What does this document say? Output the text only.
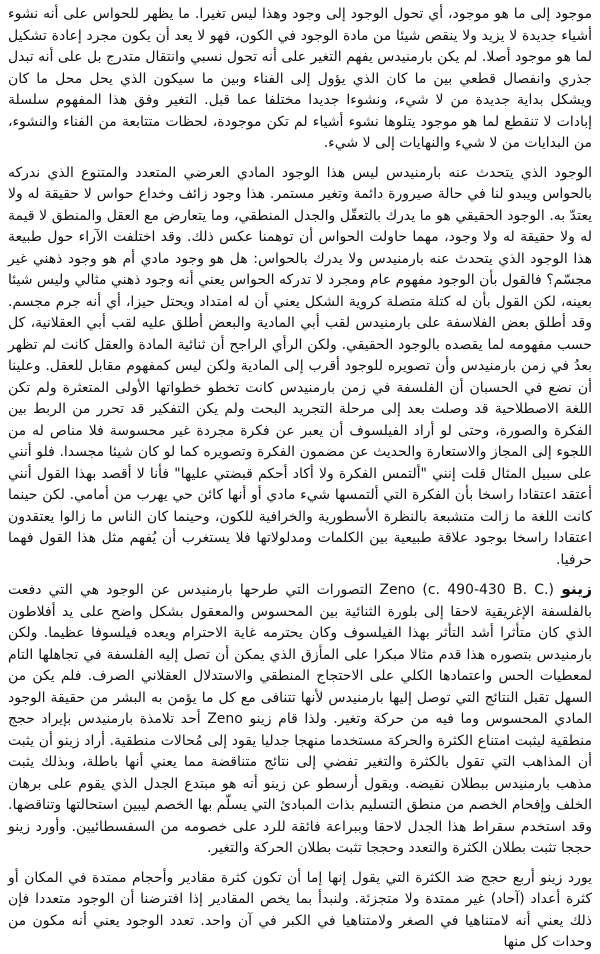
موجود إلى ما هو موجود، أي تحول الوجود إلى وجود وهذا ليس تغيرا. ما يظهر للحواس على أنه نشوء أشياء جديدة لا يزيد ولا ينقص شيئا من مادة الوجود في الكون، فهو لا يعد أن يكون مجرد إعادة تشكيل لما هو موجود أصلا. لم يكن بارمنيدس يفهم التغير على أنه تحول نسبي وانتقال متدرج بل على أنه تبدل جذري وانفصال قطعي بين ما كان الذي يؤول إلى الفناء وبين ما سيكون الذي يحل محل ما كان ويشكل بداية جديدة من لا شيء، ونشوءا جديدا مختلفا عما قبل. التغير وفق هذا المفهوم سلسلة إبادات لا تنقطع لما هو موجود يتلوها نشوء أشياء لم تكن موجودة، لحظات متتابعة من الفناء والنشوء، من البدايات من لا شيء والنهايات إلى لا شيء.

الوجود الذي يتحدث عنه بارمنيدس ليس هذا الوجود المادي العرضي المتعدد والمتنوع الذي ندركه بالحواس ويبدو لنا في حالة صيرورة دائمة وتغير مستمر. هذا وجود زائف وخداع حواس لا حقيقة له ولا يعتدّ به. الوجود الحقيقي هو ما يدرك بالتعقّل والجدل المنطقي، وما يتعارض مع العقل والمنطق لا قيمة له ولا حقيقة له ولا وجود، مهما حاولت الحواس أن توهمنا عكس ذلك. وقد اختلفت الآراء حول طبيعة هذا الوجود الذي يتحدث عنه بارمنيدس ولا يدرك بالحواس: هل هو وجود مادي أم هو وجود ذهني غير مجسّم؟ فالقول بأن الوجود مفهوم عام ومجرد لا تدركه الحواس يعني أنه وجود ذهني مثالي وليس شيئا بعينه، لكن القول بأن له كتلة متصلة كروية الشكل يعني أن له امتداد ويحتل حيزا، أي أنه جرم مجسم. وقد أطلق بعض الفلاسفة على بارمنيدس لقب أبي المادية والبعض أطلق عليه لقب أبي العقلانية، كل حسب مفهومه لما يقصده بالوجود الحقيقي. ولكن الرأي الراجح أن ثنائية المادة والعقل كانت لم تظهر بعدُ في زمن بارمنيدس وأن تصويره للوجود أقرب إلى المادية ولكن ليس كمفهوم مقابل للعقل. وعلينا أن نضع في الحسبان أن الفلسفة في زمن بارمنيدس كانت تخطو خطواتها الأولى المتعثرة ولم تكن اللغة الاصطلاحية قد وصلت بعد إلى مرحلة التجريد البحت ولم يكن التفكير قد تحرر من الربط بين الفكرة والصورة، وحتى لو أراد الفيلسوف أن يعبر عن فكرة مجردة غير محسوسة فلا مناص له من اللجوء إلى المجاز والاستعارة والحديث عن مضمون الفكرة وتصويره كما لو كان شيئا مجسدا. فلو أنني على سبيل المثال قلت إنني "ألتمس الفكرة ولا أكاد أحكم قبضتي عليها" فأنا لا أقصد بهذا القول أنني أعتقد اعتقادا راسخا بأن الفكرة التي ألتمسها شيء مادي أو أنها كائن حي يهرب من أمامي. لكن حينما كانت اللغة ما زالت متشبعة بالنظرة الأسطورية والخرافية للكون، وحينما كان الناس ما زالوا يعتقدون اعتقادا راسخا بوجود علاقة طبيعية بين الكلمات ومدلولاتها فلا يستغرب أن يُفهم مثل هذا القول فهما حرفيا.

زينو Zeno (c. 490-430 B. C.) التصورات التي طرحها بارمنيدس عن الوجود هي التي دفعت بالفلسفة الإغريقية لاحقا إلى بلورة الثنائية بين المحسوس والمعقول بشكل واضح على يد أفلاطون الذي كان متأثرا أشد التأثر بهذا الفيلسوف وكان يحترمه غاية الاحترام ويعده فيلسوفا عظيما. ولكن بارمنيدس بتصوره هذا قدم مثالا مبكرا على المأزق الذي يمكن أن تصل إليه الفلسفة في تجاهلها التام لمعطيات الحس واعتمادها الكلي على الاحتجاج المنطقي والاستدلال العقلاني الصرف. فلم يكن من السهل تقبل النتائج التي توصل إليها بارمنيدس لأنها تتنافى مع كل ما يؤمن به البشر من حقيقة الوجود المادي المحسوس وما فيه من حركة وتغير. ولذا قام زينو Zeno أحد تلامذة بارمنيدس بإيراد حجج منطقية ليثبت امتناع الكثرة والحركة مستخدما منهجا جدليا يقود إلى مُحالات منطقية. أراد زينو أن يثبت أن المذاهب التي تقول بالكثرة والتغير تفضي إلى نتائج متناقضة مما يعني أنها باطلة، وبذلك يثبت مذهب بارمنيدس ببطلان نقيضه. ويقول أرسطو عن زينو أنه هو مبتدع الجدل الذي يقوم على برهان الخلف وإفحام الخصم من منطق التسليم بذات المبادئ التي يسلّم بها الخصم ليبين استحالتها وتناقضها. وقد استخدم سقراط هذا الجدل لاحقا وببراعة فائقة للرد على خصومه من السفسطائيين. وأورد زينو حججا تثبت بطلان الكثرة والتعدد وحججا تثبت بطلان الحركة والتغير.

يورد زينو أربع حجج ضد الكثرة التي يقول إنها إما أن تكون كثرة مقادير وأحجام ممتدة في المكان أو كثرة أعداد (آحاد) غير ممتدة ولا متجزئة. ولنبدأ بما يخص المقادير إذا افترضنا أن الوجود متعددا فإن ذلك يعني أنه لامتناهيا في الصغر ولامتناهيا في الكبر في آن واحد. تعدد الوجود يعني أنه مكون من وحدات كل منها
